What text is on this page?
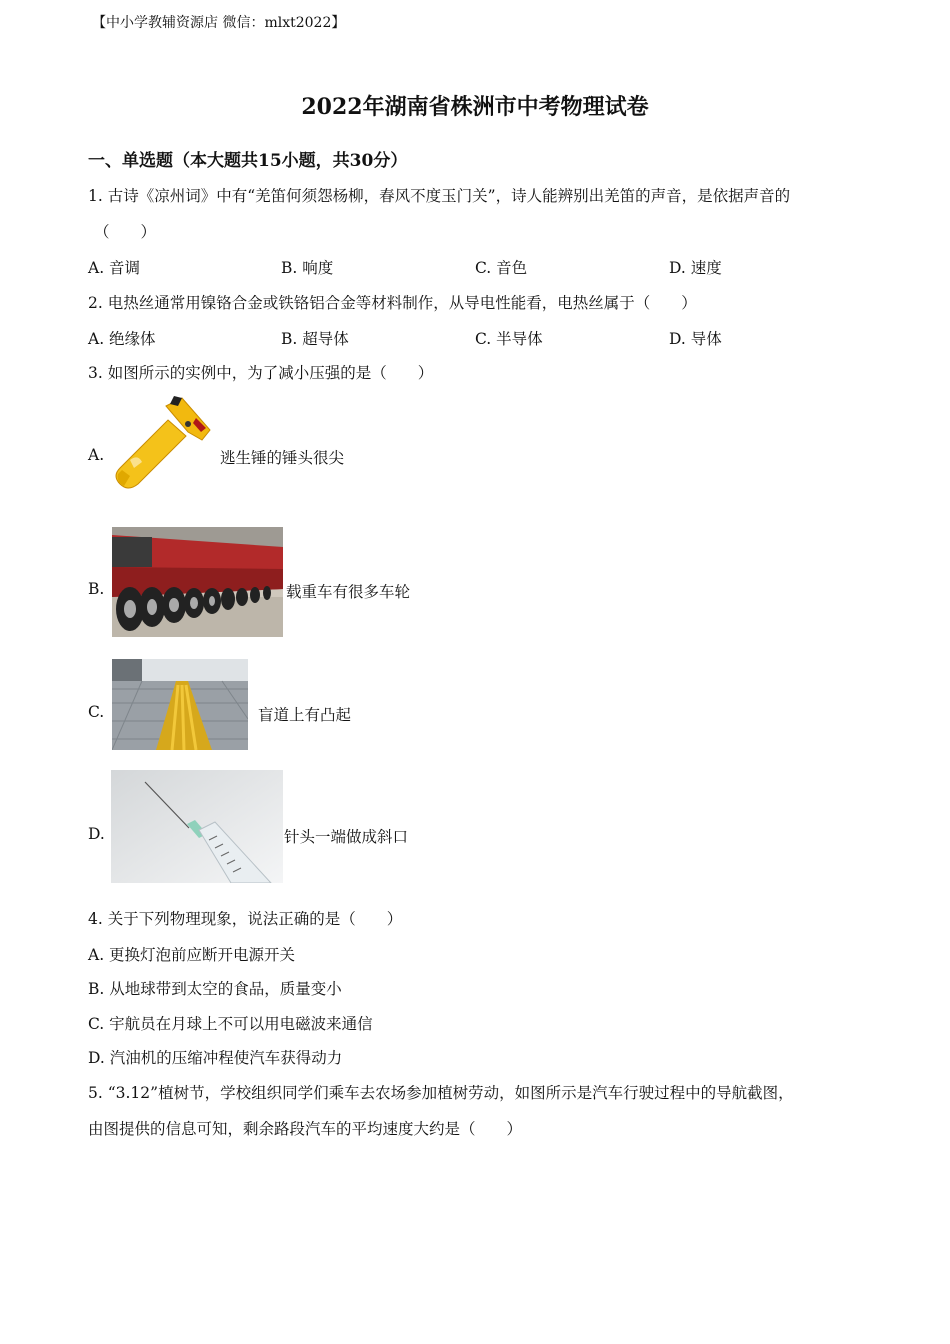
【中小学教辅资源店 微信：mlxt2022】
2022年湖南省株洲市中考物理试卷
一、单选题（本大题共15小题，共30分）
1. 古诗《凉州词》中有“羌笛何须怨杨柳，春风不度玉门关”，诗人能辨别出羌笛的声音，是依据声音的
（　　）
A. 音调	B. 响度	C. 音色	D. 速度
2. 电热丝通常用镍铬合金或铁铬铝合金等材料制作，从导电性能看，电热丝属于（　　）
A. 绝缘体	B. 超导体	C. 半导体	D. 导体
3. 如图所示的实例中，为了减小压强的是（　　）
A.	逃生锤的锤头很尖
B.	载重车有很多车轮
C.	盲道上有凸起
D.	针头一端做成斜口
4. 关于下列物理现象，说法正确的是（　　）
A. 更换灯泡前应断开电源开关
B. 从地球带到太空的食品，质量变小
C. 宇航员在月球上不可以用电磁波来通信
D. 汽油机的压缩冲程使汽车获得动力
5. “3.12”植树节，学校组织同学们乘车去农场参加植树劳动，如图所示是汽车行驶过程中的导航截图，
由图提供的信息可知，剩余路段汽车的平均速度大约是（　　）
